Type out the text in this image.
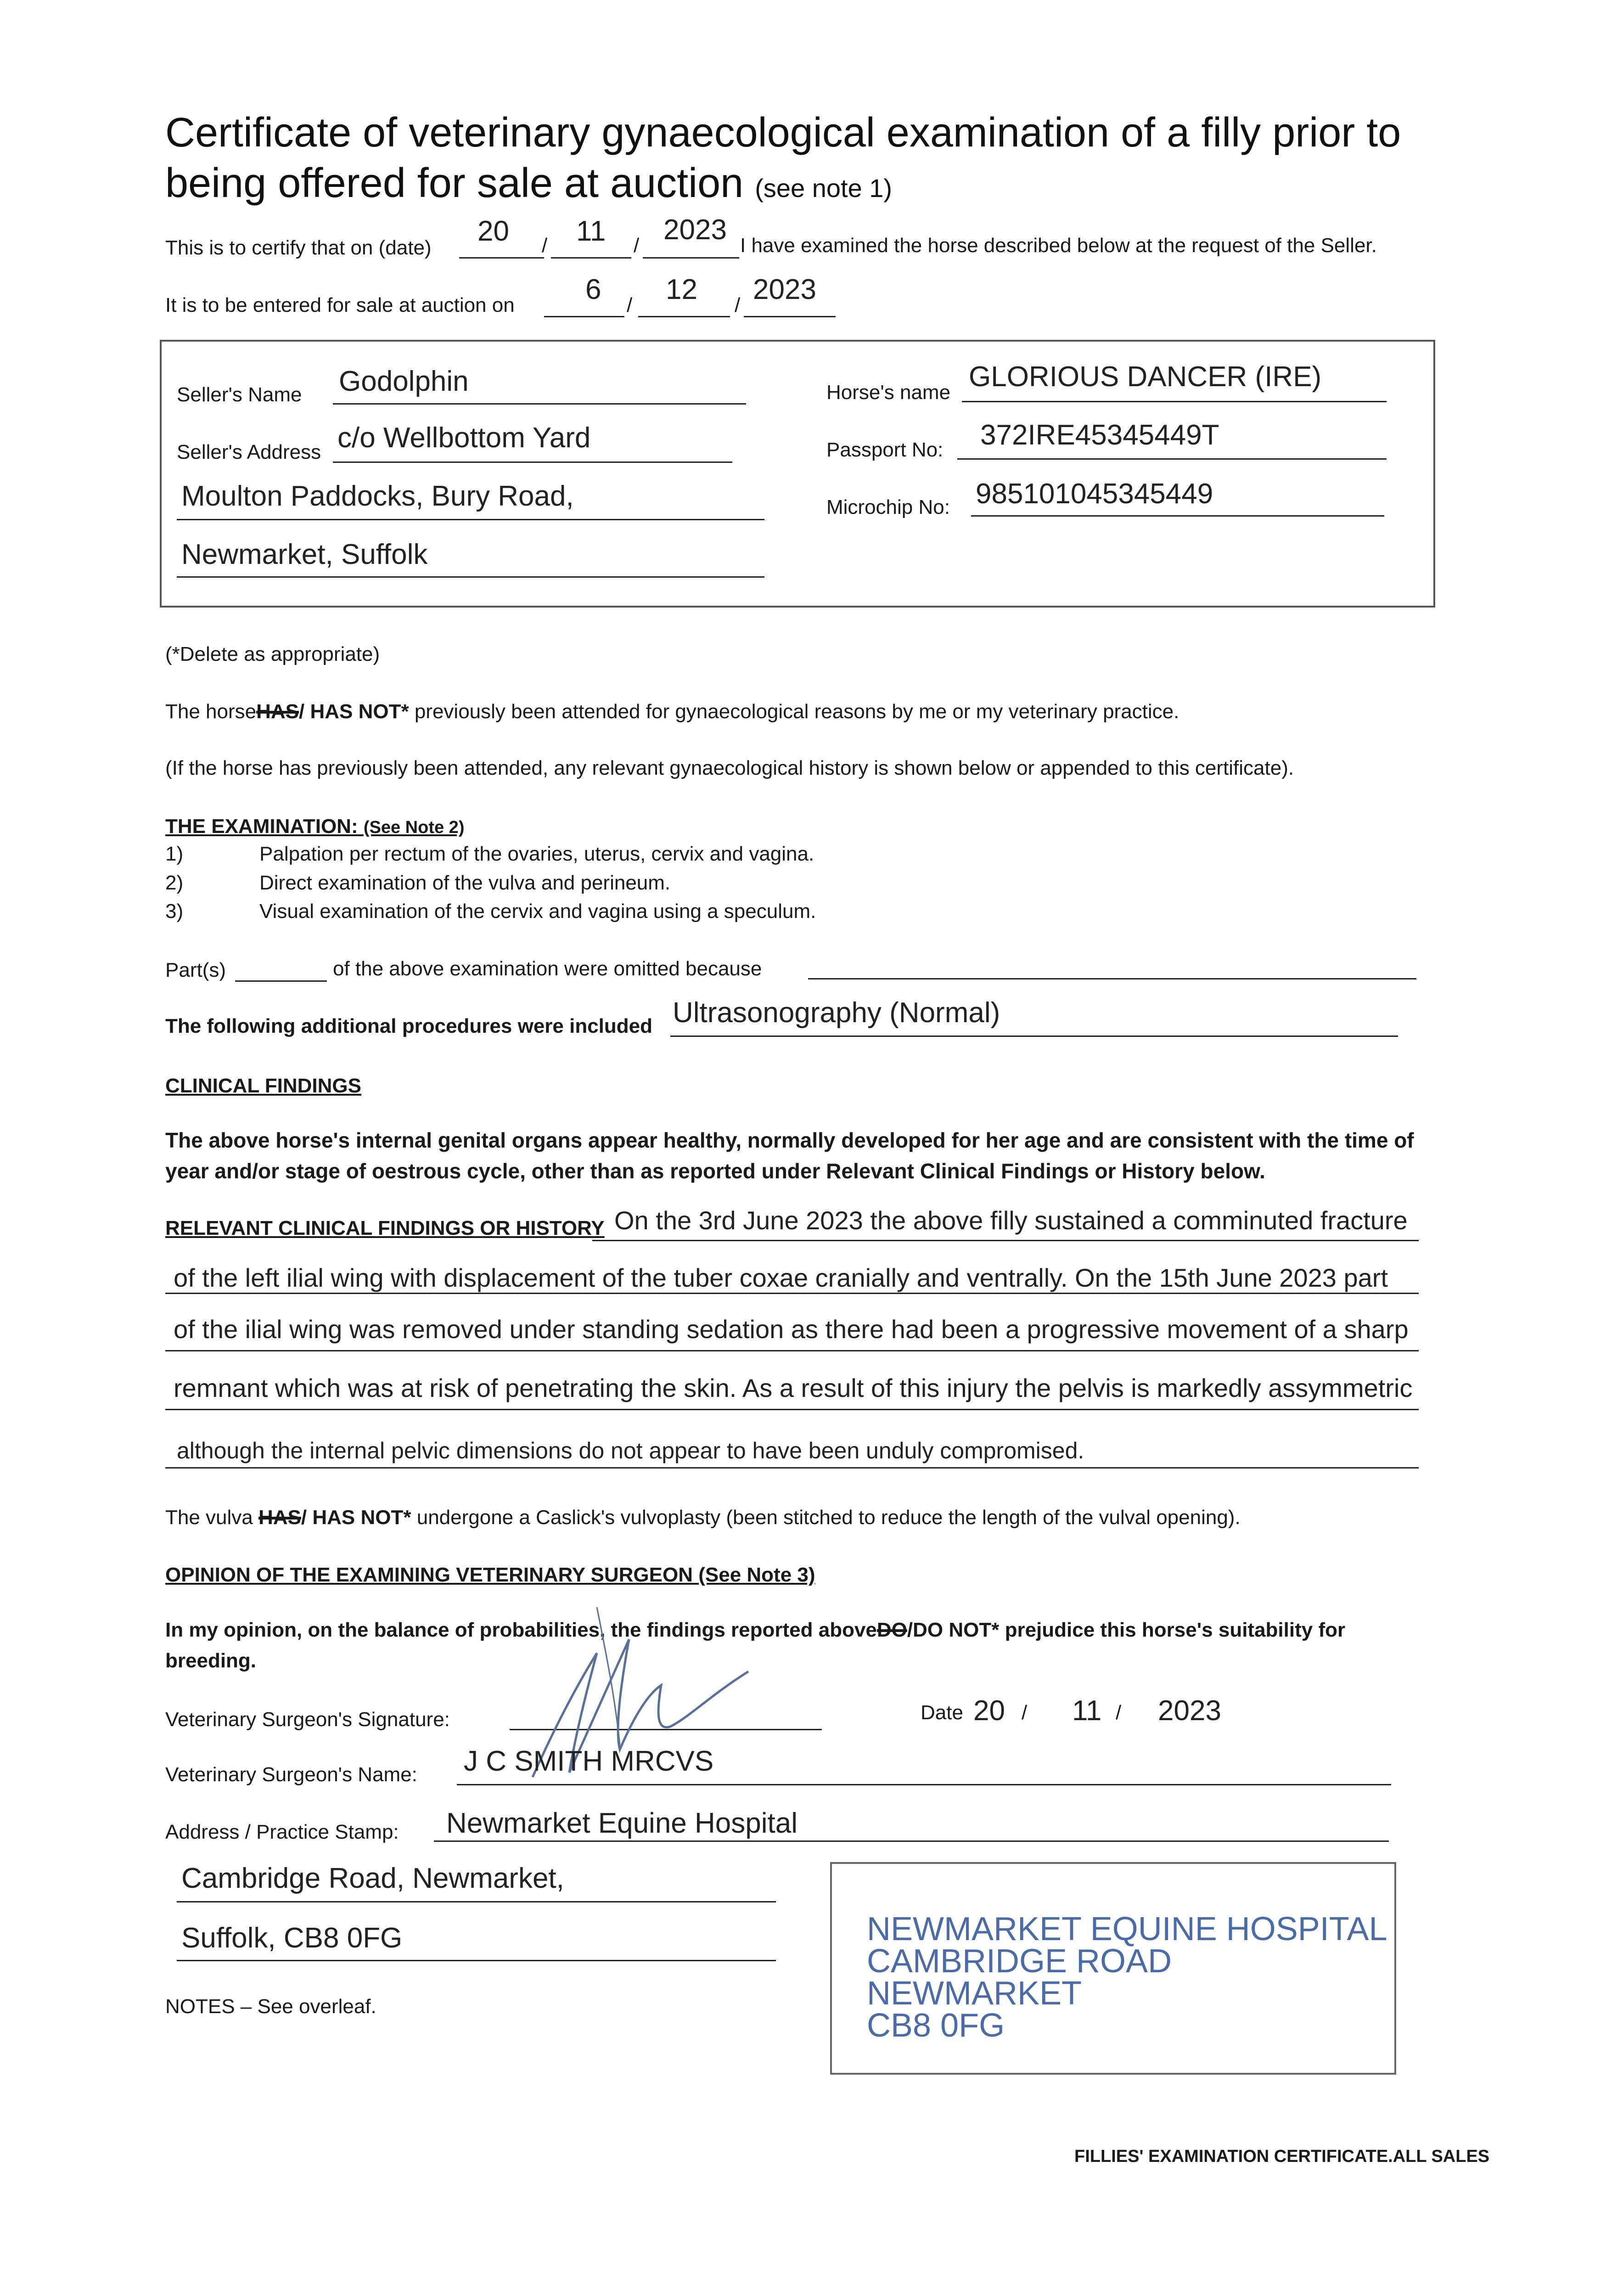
Certificate of veterinary gynaecological examination of a filly prior to
being offered for sale at auction (see note 1)
This is to certify that on (date)
20 / 11 / 2023 I have examined the horse described below at the request of the Seller.
It is to be entered for sale at auction on 6 / 12 / 2023
Seller's Name Godolphin
Seller's Address c/o Wellbottom Yard
Moulton Paddocks, Bury Road,
Newmarket, Suffolk
Horse's name GLORIOUS DANCER (IRE)
Passport No: 372IRE45345449T
Microchip No: 985101045345449
(*Delete as appropriate)
The horseHAS/ HAS NOT* previously been attended for gynaecological reasons by me or my veterinary practice.
(If the horse has previously been attended, any relevant gynaecological history is shown below or appended to this certificate).
THE EXAMINATION: (See Note 2)
1)	Palpation per rectum of the ovaries, uterus, cervix and vagina.
2)	Direct examination of the vulva and perineum.
3)	Visual examination of the cervix and vagina using a speculum.
Part(s)	of the above examination were omitted because
The following additional procedures were included Ultrasonography (Normal)
CLINICAL FINDINGS
The above horse's internal genital organs appear healthy, normally developed for her age and are consistent with the time of year and/or stage of oestrous cycle, other than as reported under Relevant Clinical Findings or History below.
RELEVANT CLINICAL FINDINGS OR HISTORY On the 3rd June 2023 the above filly sustained a comminuted fracture
of the left ilial wing with displacement of the tuber coxae cranially and ventrally. On the 15th June 2023 part
of the ilial wing was removed under standing sedation as there had been a progressive movement of a sharp
remnant which was at risk of penetrating the skin. As a result of this injury the pelvis is markedly assymmetric
although the internal pelvic dimensions do not appear to have been unduly compromised.
The vulva HAS/ HAS NOT* undergone a Caslick's vulvoplasty (been stitched to reduce the length of the vulval opening).
OPINION OF THE EXAMINING VETERINARY SURGEON (See Note 3)
In my opinion, on the balance of probabilities, the findings reported aboveDO/DO NOT* prejudice this horse's suitability for
breeding.
Veterinary Surgeon's Signature:	Date 20 / 11 / 2023
Veterinary Surgeon's Name: J C SMITH MRCVS
Address / Practice Stamp: Newmarket Equine Hospital
Cambridge Road, Newmarket,
Suffolk, CB8 0FG	NEWMARKET EQUINE HOSPITAL
CAMBRIDGE ROAD
NEWMARKET
CB8 0FG
NOTES – See overleaf.
FILLIES' EXAMINATION CERTIFICATE.ALL SALES
